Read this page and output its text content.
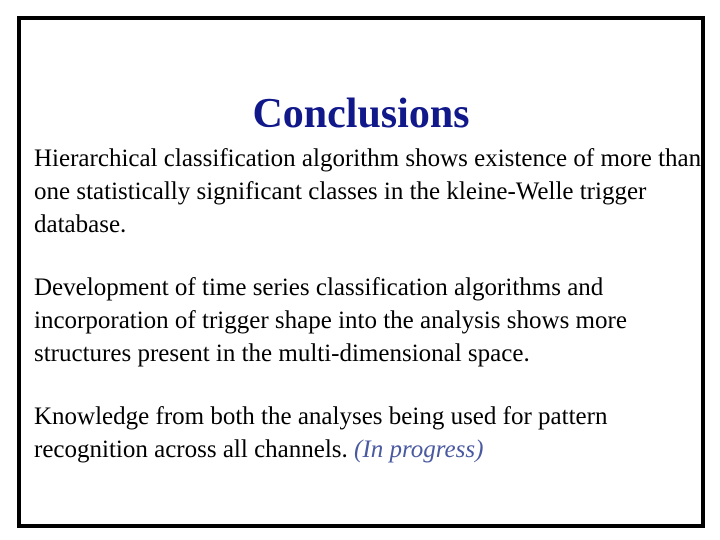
Conclusions

Hierarchical classification algorithm shows existence of more than one statistically significant classes in the kleine-Welle trigger database.

Development of time series classification algorithms and incorporation of trigger shape into the analysis shows more structures present in the multi-dimensional space.

Knowledge from both the analyses being used for pattern recognition across all channels. (In progress)
